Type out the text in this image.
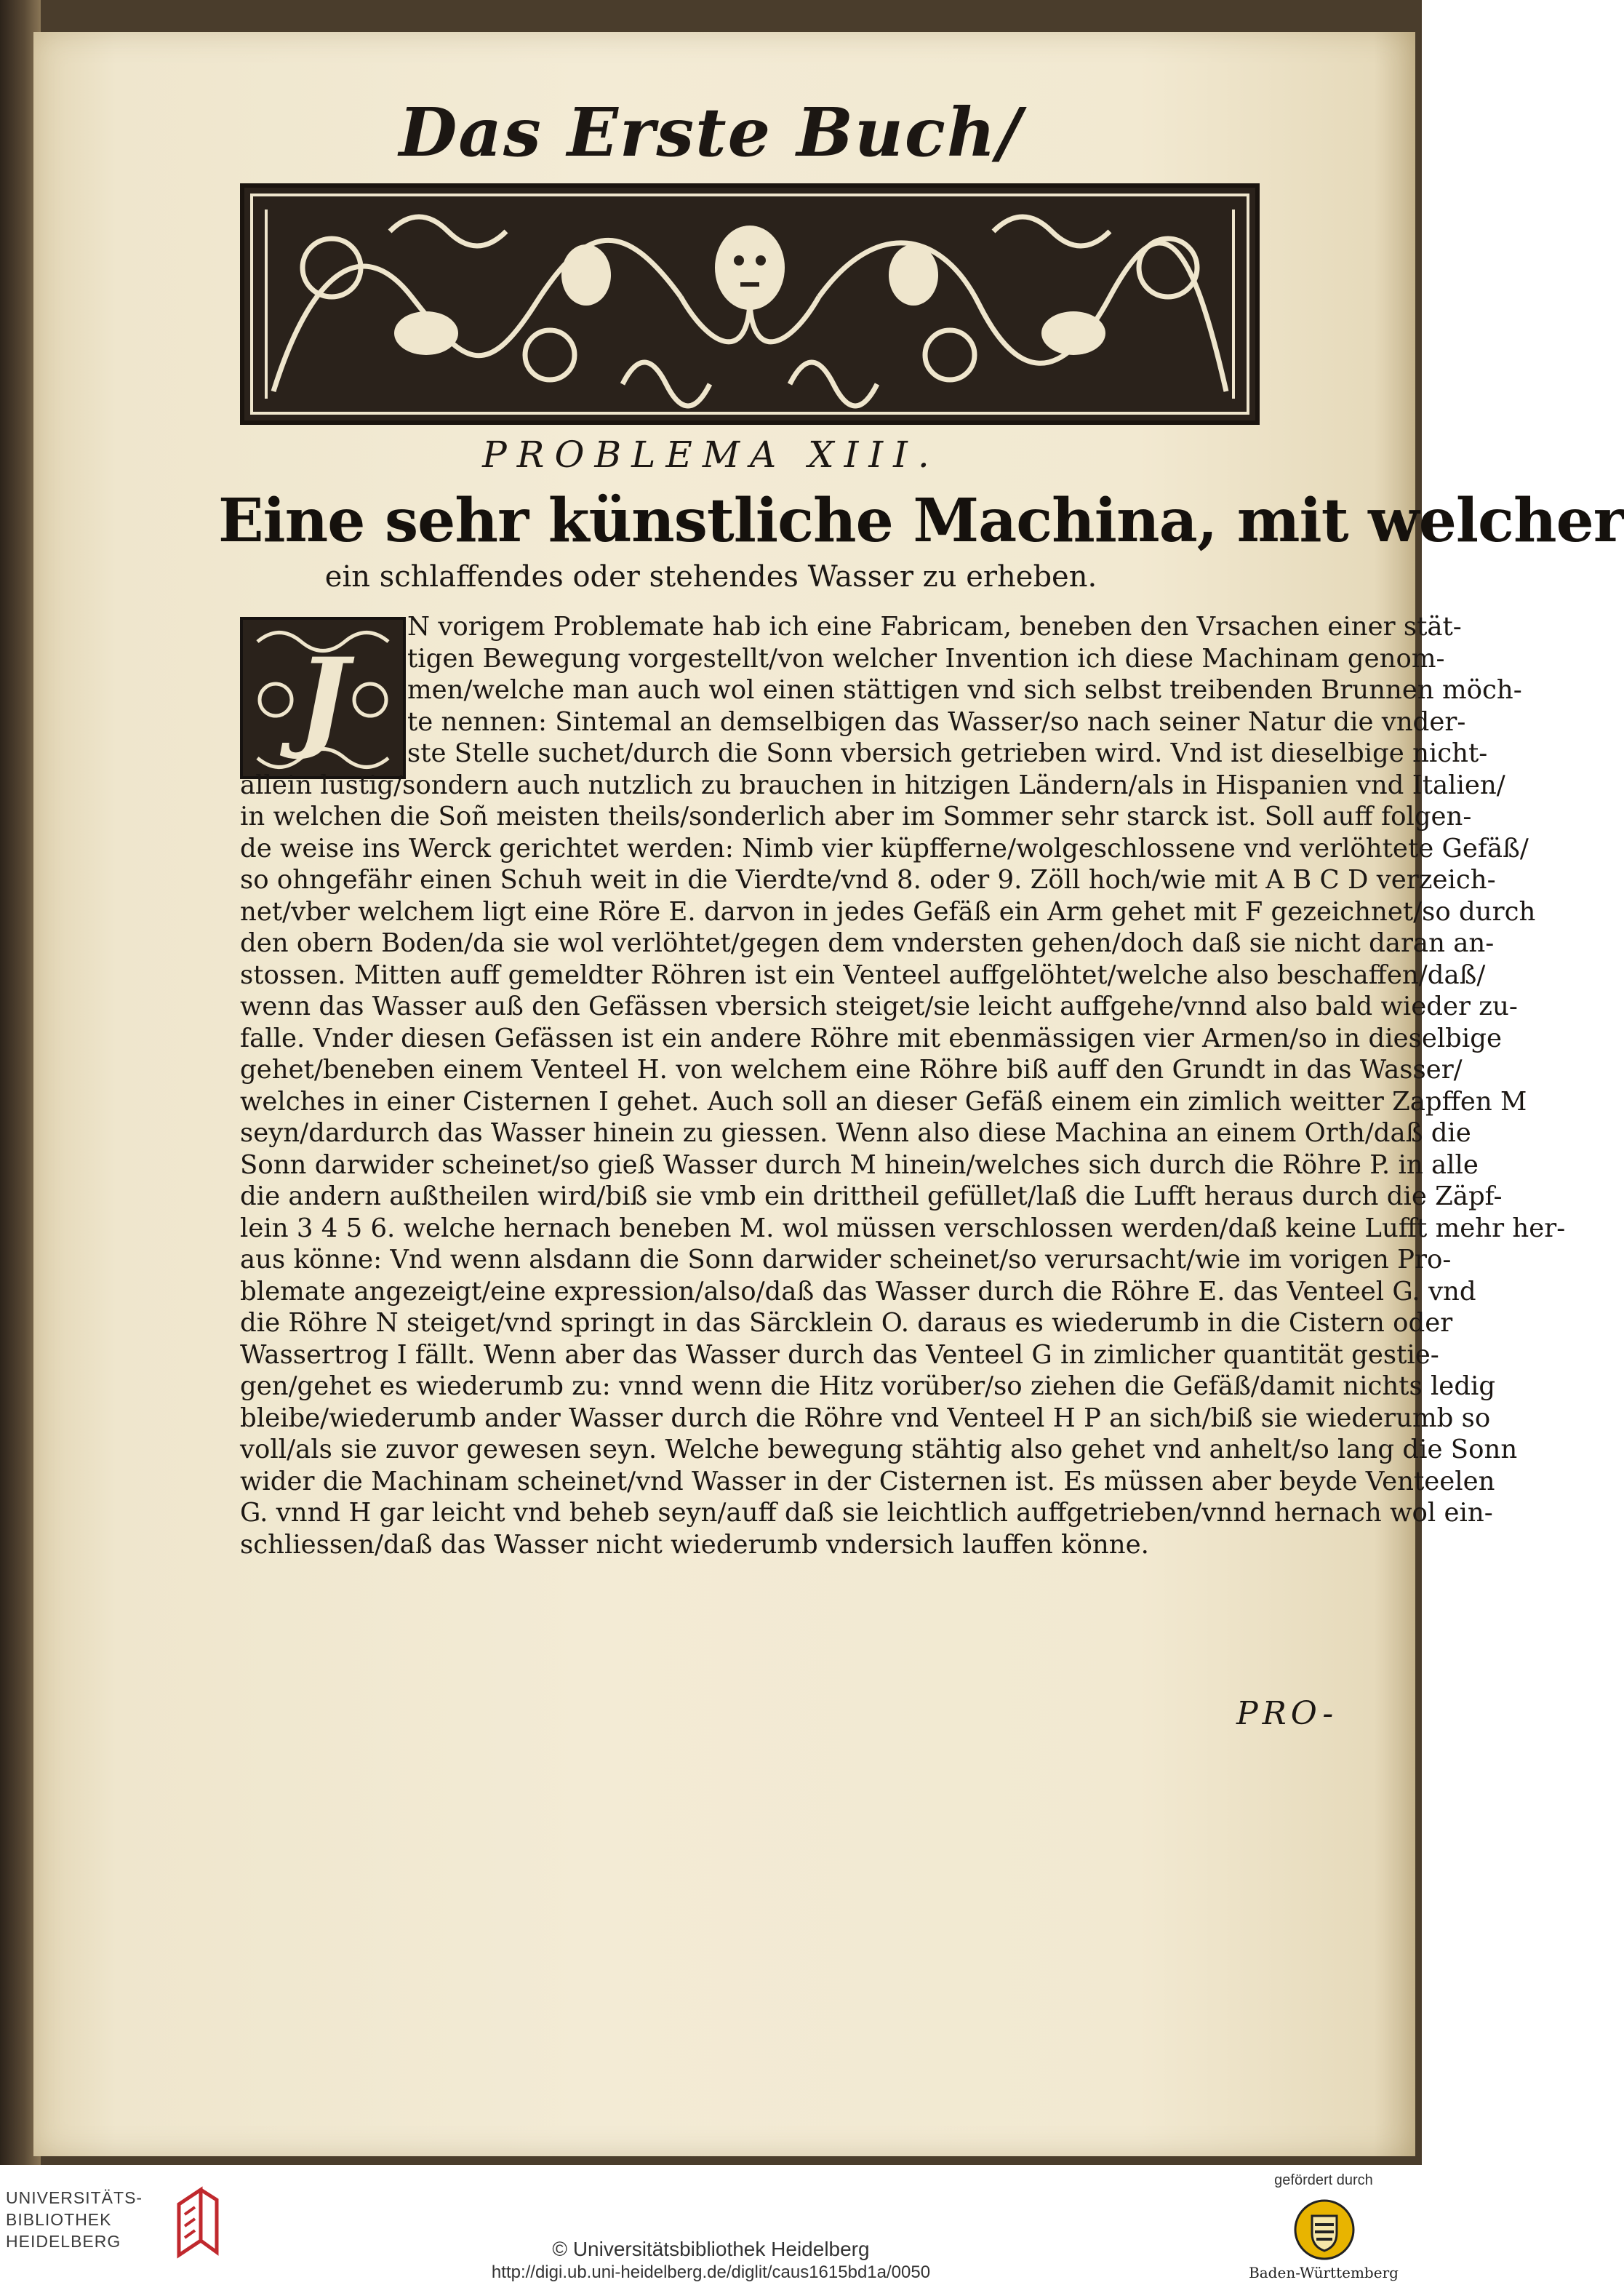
Das Erste Buch/
PROBLEMA XIII.
Eine sehr künstliche Machina, mit welcher
ein schlaffendes oder stehendes Wasser zu erheben.
J
N vorigem Problemate hab ich eine Fabricam, beneben den Vrsachen einer stät-
tigen Bewegung vorgestellt/von welcher Invention ich diese Machinam genom-
men/welche man auch wol einen stättigen vnd sich selbst treibenden Brunnen möch-
te nennen: Sintemal an demselbigen das Wasser/so nach seiner Natur die vnder-
ste Stelle suchet/durch die Sonn vbersich getrieben wird. Vnd ist dieselbige nicht-
allein lustig/sondern auch nutzlich zu brauchen in hitzigen Ländern/als in Hispanien vnd Italien/
in welchen die Soñ meisten theils/sonderlich aber im Sommer sehr starck ist. Soll auff folgen-
de weise ins Werck gerichtet werden: Nimb vier küpfferne/wolgeschlossene vnd verlöhtete Gefäß/
so ohngefähr einen Schuh weit in die Vierdte/vnd 8. oder 9. Zöll hoch/wie mit A B C D verzeich-
net/vber welchem ligt eine Röre E. darvon in jedes Gefäß ein Arm gehet mit F gezeichnet/so durch
den obern Boden/da sie wol verlöhtet/gegen dem vndersten gehen/doch daß sie nicht daran an-
stossen. Mitten auff gemeldter Röhren ist ein Venteel auffgelöhtet/welche also beschaffen/daß/
wenn das Wasser auß den Gefässen vbersich steiget/sie leicht auffgehe/vnnd also bald wieder zu-
falle. Vnder diesen Gefässen ist ein andere Röhre mit ebenmässigen vier Armen/so in dieselbige
gehet/beneben einem Venteel H. von welchem eine Röhre biß auff den Grundt in das Wasser/
welches in einer Cisternen I gehet. Auch soll an dieser Gefäß einem ein zimlich weitter Zapffen M
seyn/dardurch das Wasser hinein zu giessen. Wenn also diese Machina an einem Orth/daß die
Sonn darwider scheinet/so gieß Wasser durch M hinein/welches sich durch die Röhre P. in alle
die andern außtheilen wird/biß sie vmb ein drittheil gefüllet/laß die Lufft heraus durch die Zäpf-
lein 3 4 5 6. welche hernach beneben M. wol müssen verschlossen werden/daß keine Lufft mehr her-
aus könne: Vnd wenn alsdann die Sonn darwider scheinet/so verursacht/wie im vorigen Pro-
blemate angezeigt/eine expression/also/daß das Wasser durch die Röhre E. das Venteel G. vnd
die Röhre N steiget/vnd springt in das Särcklein O. daraus es wiederumb in die Cistern oder
Wassertrog I fällt. Wenn aber das Wasser durch das Venteel G in zimlicher quantität gestie-
gen/gehet es wiederumb zu: vnnd wenn die Hitz vorüber/so ziehen die Gefäß/damit nichts ledig
bleibe/wiederumb ander Wasser durch die Röhre vnd Venteel H P an sich/biß sie wiederumb so
voll/als sie zuvor gewesen seyn. Welche bewegung stähtig also gehet vnd anhelt/so lang die Sonn
wider die Machinam scheinet/vnd Wasser in der Cisternen ist. Es müssen aber beyde Venteelen
G. vnnd H gar leicht vnd beheb seyn/auff daß sie leichtlich auffgetrieben/vnnd hernach wol ein-
schliessen/daß das Wasser nicht wiederumb vndersich lauffen könne.
PRO-
UNIVERSITÄTS-
BIBLIOTHEK
HEIDELBERG	© Universitätsbibliothek Heidelberg
http://digi.ub.uni-heidelberg.de/diglit/caus1615bd1a/0050
gefördert durch
Baden-Württemberg
